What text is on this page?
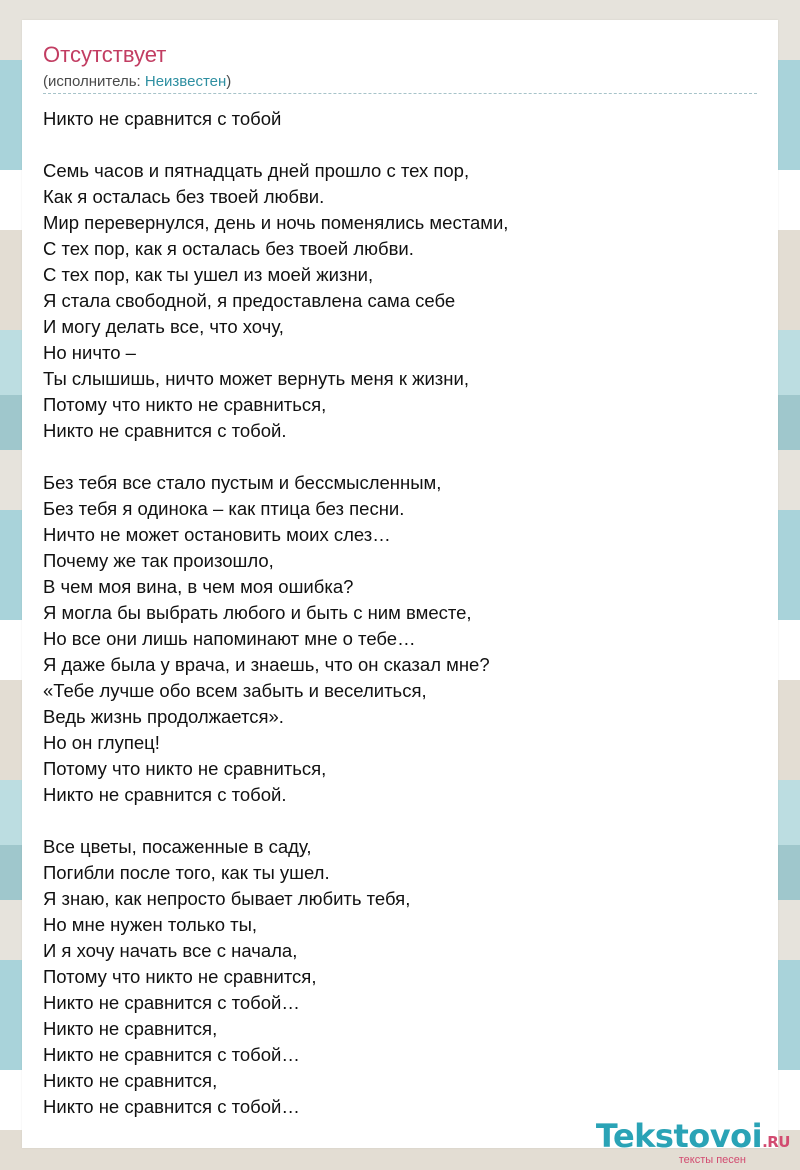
Отсутствует
(исполнитель: Неизвестен)
Никто не сравнится с тобой
Семь часов и пятнадцать дней прошло с тех пор,
Как я осталась без твоей любви.
Мир перевернулся, день и ночь поменялись местами,
С тех пор, как я осталась без твоей любви.
С тех пор, как ты ушел из моей жизни,
Я стала свободной, я предоставлена сама себе
И могу делать все, что хочу,
Но ничто –
Ты слышишь, ничто может вернуть меня к жизни,
Потому что никто не сравниться,
Никто не сравнится с тобой.
Без тебя все стало пустым и бессмысленным,
Без тебя я одинока – как птица без песни.
Ничто не может остановить моих слез…
Почему же так произошло,
В чем моя вина, в чем моя ошибка?
Я могла бы выбрать любого и быть с ним вместе,
Но все они лишь напоминают мне о тебе…
Я даже была у врача, и знаешь, что он сказал мне?
«Тебе лучше обо всем забыть и веселиться,
Ведь жизнь продолжается».
Но он глупец!
Потому что никто не сравниться,
Никто не сравнится с тобой.
Все цветы, посаженные в саду,
Погибли после того, как ты ушел.
Я знаю, как непросто бывает любить тебя,
Но мне нужен только ты,
И я хочу начать все с начала,
Потому что никто не сравнится,
Никто не сравнится с тобой…
Никто не сравнится,
Никто не сравнится с тобой…
Никто не сравнится,
Никто не сравнится с тобой…
Tekstovoi.RU
тексты песен
